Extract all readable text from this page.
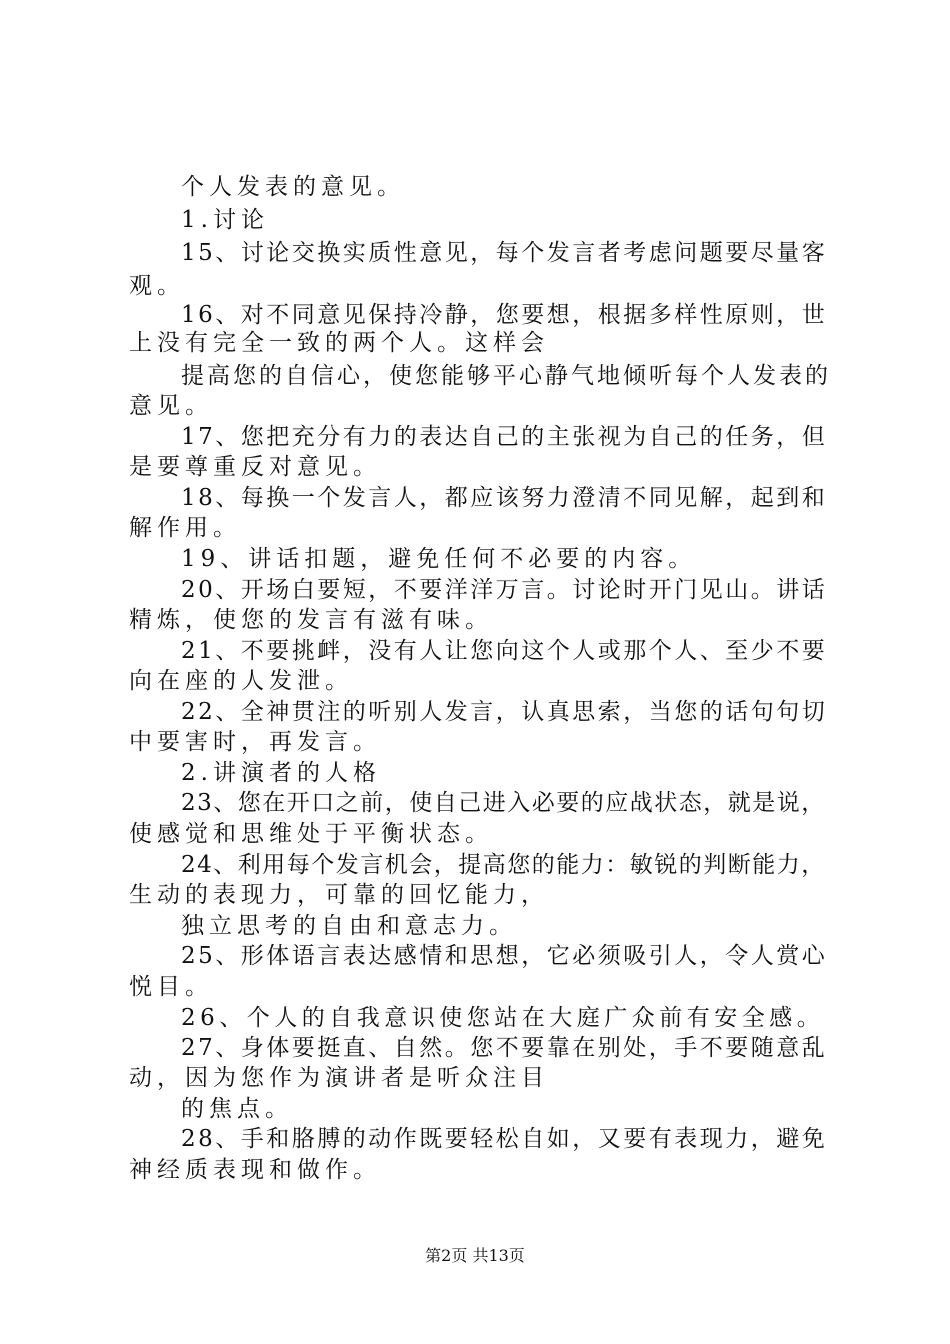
个人发表的意见。
1.讨论
15、讨论交换实质性意见，每个发言者考虑问题要尽量客
观。
16、对不同意见保持冷静，您要想，根据多样性原则，世
上没有完全一致的两个人。这样会
提高您的自信心，使您能够平心静气地倾听每个人发表的
意见。
17、您把充分有力的表达自己的主张视为自己的任务，但
是要尊重反对意见。
18、每换一个发言人，都应该努力澄清不同见解，起到和
解作用。
19、讲话扣题，避免任何不必要的内容。
20、开场白要短，不要洋洋万言。讨论时开门见山。讲话
精炼，使您的发言有滋有味。
21、不要挑衅，没有人让您向这个人或那个人、至少不要
向在座的人发泄。
22、全神贯注的听别人发言，认真思索，当您的话句句切
中要害时，再发言。
2.讲演者的人格
23、您在开口之前，使自己进入必要的应战状态，就是说，
使感觉和思维处于平衡状态。
24、利用每个发言机会，提高您的能力：敏锐的判断能力，
生动的表现力，可靠的回忆能力，
独立思考的自由和意志力。
25、形体语言表达感情和思想，它必须吸引人，令人赏心
悦目。
26、个人的自我意识使您站在大庭广众前有安全感。
27、身体要挺直、自然。您不要靠在别处，手不要随意乱
动，因为您作为演讲者是听众注目
的焦点。
28、手和胳膊的动作既要轻松自如，又要有表现力，避免
神经质表现和做作。
第2页 共13页
